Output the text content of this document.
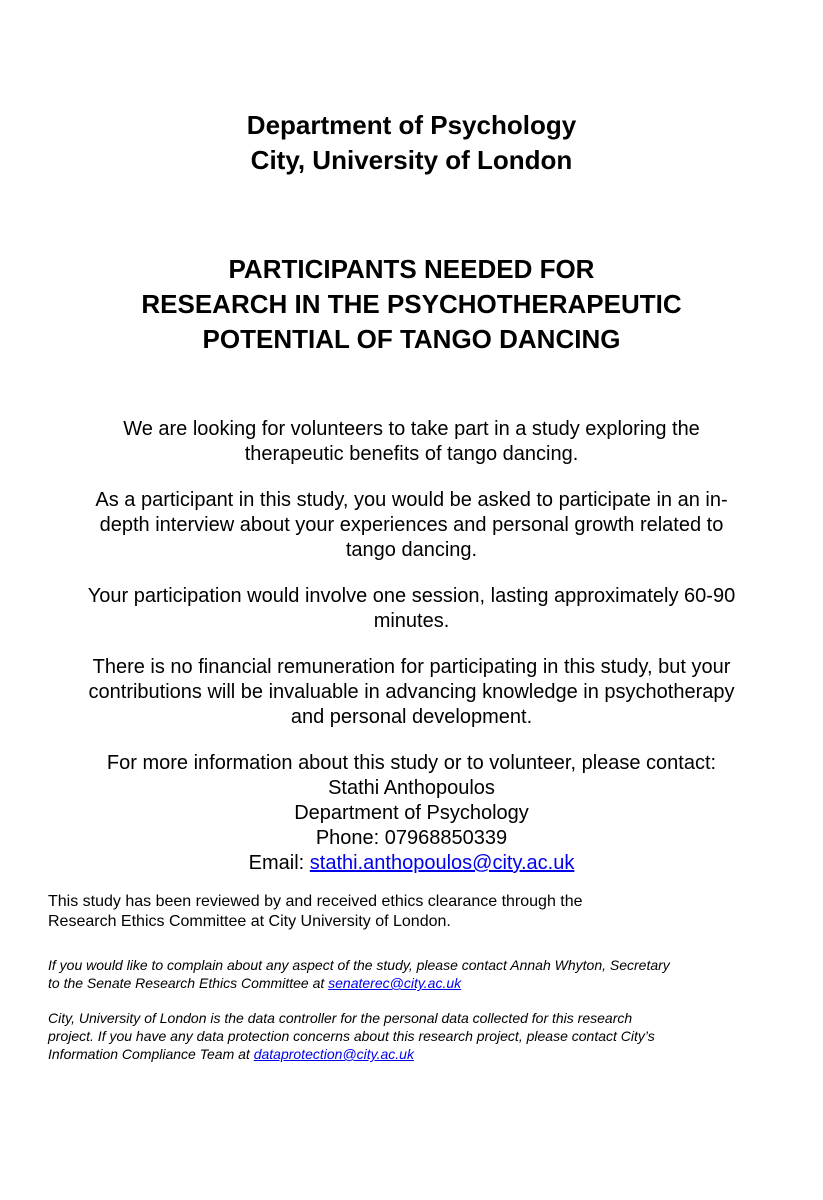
Department of Psychology
City, University of London
PARTICIPANTS NEEDED FOR
RESEARCH IN THE PSYCHOTHERAPEUTIC
POTENTIAL OF TANGO DANCING
We are looking for volunteers to take part in a study exploring the
therapeutic benefits of tango dancing.
As a participant in this study, you would be asked to participate in an in-
depth interview about your experiences and personal growth related to
tango dancing.
Your participation would involve one session, lasting approximately 60-90
minutes.
There is no financial remuneration for participating in this study, but your
contributions will be invaluable in advancing knowledge in psychotherapy
and personal development.
For more information about this study or to volunteer, please contact:
Stathi Anthopoulos
Department of Psychology
Phone: 07968850339
Email: stathi.anthopoulos@city.ac.uk
This study has been reviewed by and received ethics clearance through the
Research Ethics Committee at City University of London.
If you would like to complain about any aspect of the study, please contact Annah Whyton, Secretary
to the Senate Research Ethics Committee at senaterec@city.ac.uk
City, University of London is the data controller for the personal data collected for this research
project. If you have any data protection concerns about this research project, please contact City’s
Information Compliance Team at dataprotection@city.ac.uk
